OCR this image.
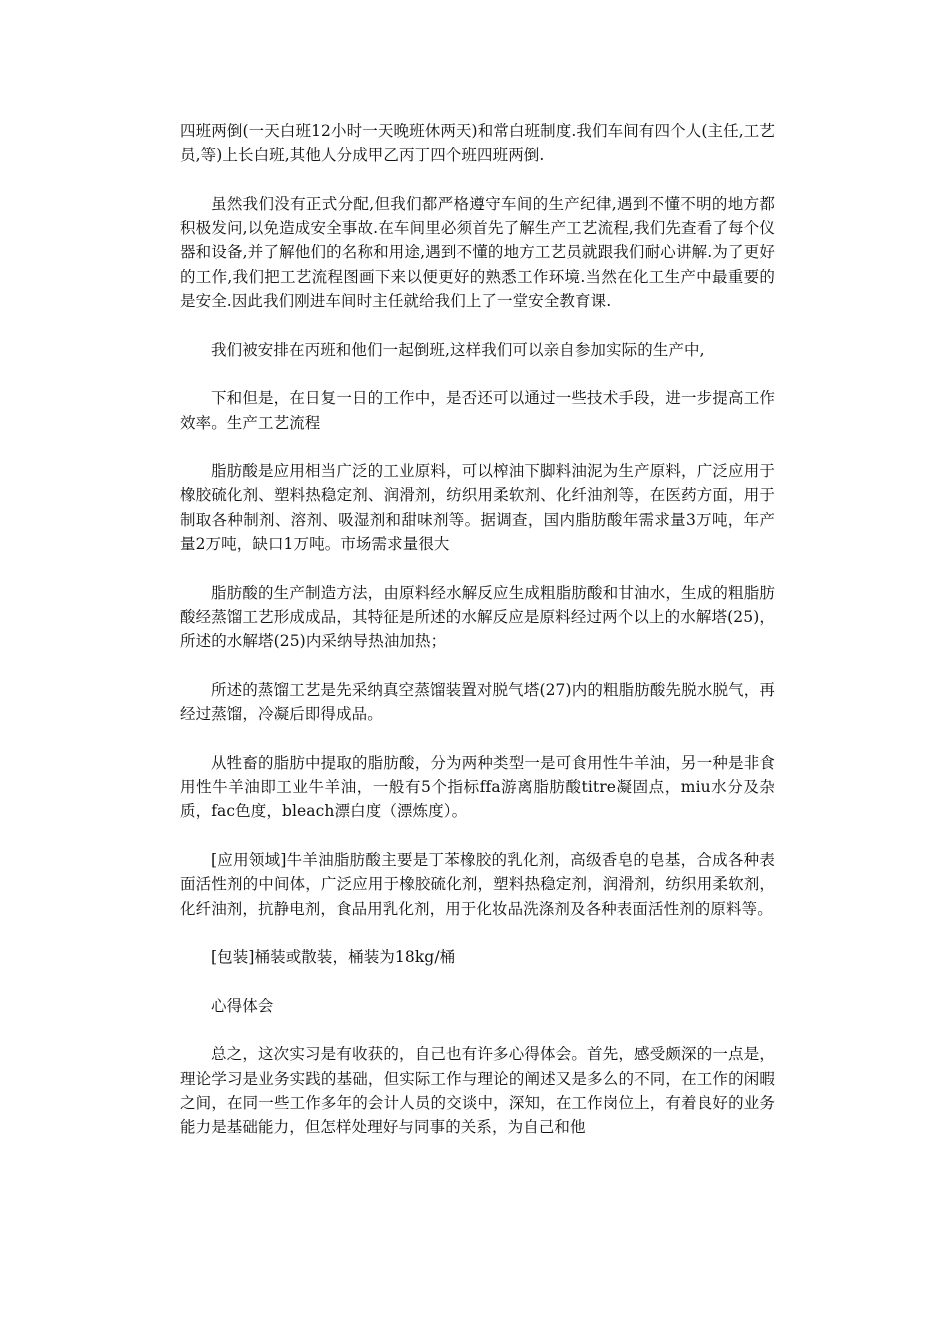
四班两倒(一天白班12小时一天晚班休两天)和常白班制度.我们车间有四个人(主任,工艺员,等)上长白班,其他人分成甲乙丙丁四个班四班两倒.

虽然我们没有正式分配,但我们都严格遵守车间的生产纪律,遇到不懂不明的地方都积极发问,以免造成安全事故.在车间里必须首先了解生产工艺流程,我们先查看了每个仪器和设备,并了解他们的名称和用途,遇到不懂的地方工艺员就跟我们耐心讲解.为了更好的工作,我们把工艺流程图画下来以便更好的熟悉工作环境.当然在化工生产中最重要的是安全.因此我们刚进车间时主任就给我们上了一堂安全教育课.

我们被安排在丙班和他们一起倒班,这样我们可以亲自参加实际的生产中,

下和但是，在日复一日的工作中，是否还可以通过一些技术手段，进一步提高工作效率。生产工艺流程

脂肪酸是应用相当广泛的工业原料，可以榨油下脚料油泥为生产原料，广泛应用于橡胶硫化剂、塑料热稳定剂、润滑剂，纺织用柔软剂、化纤油剂等，在医药方面，用于制取各种制剂、溶剂、吸湿剂和甜味剂等。据调查，国内脂肪酸年需求量3万吨，年产量2万吨，缺口1万吨。市场需求量很大

脂肪酸的生产制造方法，由原料经水解反应生成粗脂肪酸和甘油水，生成的粗脂肪酸经蒸馏工艺形成成品，其特征是所述的水解反应是原料经过两个以上的水解塔(25)，所述的水解塔(25)内采纳导热油加热；

所述的蒸馏工艺是先采纳真空蒸馏装置对脱气塔(27)内的粗脂肪酸先脱水脱气，再经过蒸馏，冷凝后即得成品。

从牲畜的脂肪中提取的脂肪酸，分为两种类型一是可食用性牛羊油，另一种是非食用性牛羊油即工业牛羊油，一般有5个指标ffa游离脂肪酸titre凝固点，miu水分及杂质，fac色度，bleach漂白度（漂炼度）。

[应用领域]牛羊油脂肪酸主要是丁苯橡胶的乳化剂，高级香皂的皂基，合成各种表面活性剂的中间体，广泛应用于橡胶硫化剂，塑料热稳定剂，润滑剂，纺织用柔软剂，化纤油剂，抗静电剂，食品用乳化剂，用于化妆品洗涤剂及各种表面活性剂的原料等。

[包装]桶装或散装，桶装为18kg/桶

心得体会

总之，这次实习是有收获的，自己也有许多心得体会。首先，感受颇深的一点是，理论学习是业务实践的基础，但实际工作与理论的阐述又是多么的不同，在工作的闲暇之间，在同一些工作多年的会计人员的交谈中，深知，在工作岗位上，有着良好的业务能力是基础能力，但怎样处理好与同事的关系，为自己和他
